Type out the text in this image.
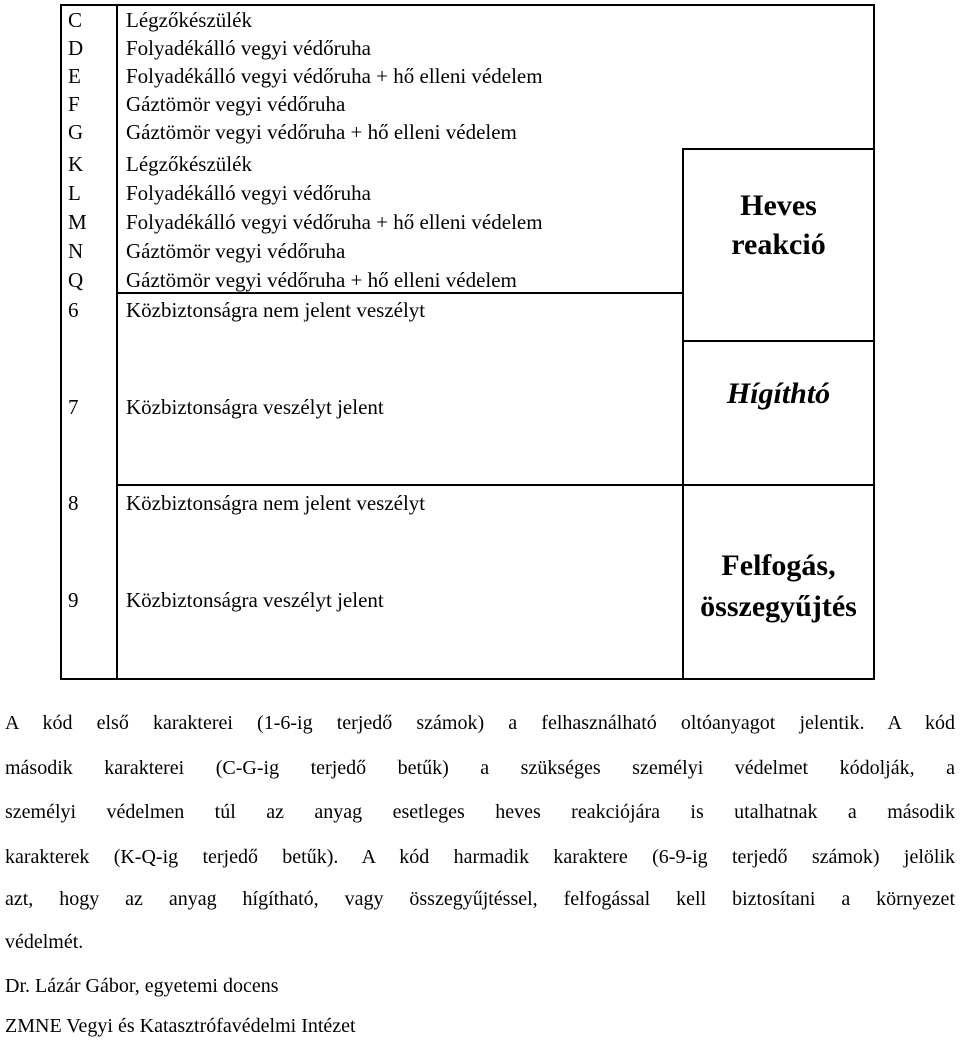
C Légzőkészülék
D Folyadékálló vegyi védőruha
E Folyadékálló vegyi védőruha + hő elleni védelem
F Gáztömör vegyi védőruha
G Gáztömör vegyi védőruha + hő elleni védelem
K Légzőkészülék
L Folyadékálló vegyi védőruha
M Folyadékálló vegyi védőruha + hő elleni védelem
N Gáztömör vegyi védőruha
Q Gáztömör vegyi védőruha + hő elleni védelem
6 Közbiztonságra nem jelent veszélyt
7 Közbiztonságra veszélyt jelent
8 Közbiztonságra nem jelent veszélyt
9 Közbiztonságra veszélyt jelent
Heves
reakció
Hígíthtó
Felfogás,
összegyűjtés
A kód első karakterei (1-6-ig terjedő számok) a felhasználható oltóanyagot jelentik. A kód
második karakterei (C-G-ig terjedő betűk) a szükséges személyi védelmet kódolják, a
személyi védelmen túl az anyag esetleges heves reakciójára is utalhatnak a második
karakterek (K-Q-ig terjedő betűk). A kód harmadik karaktere (6-9-ig terjedő számok) jelölik
azt, hogy az anyag hígítható, vagy összegyűjtéssel, felfogással kell biztosítani a környezet
védelmét.
Dr. Lázár Gábor, egyetemi docens
ZMNE Vegyi és Katasztrófavédelmi Intézet
